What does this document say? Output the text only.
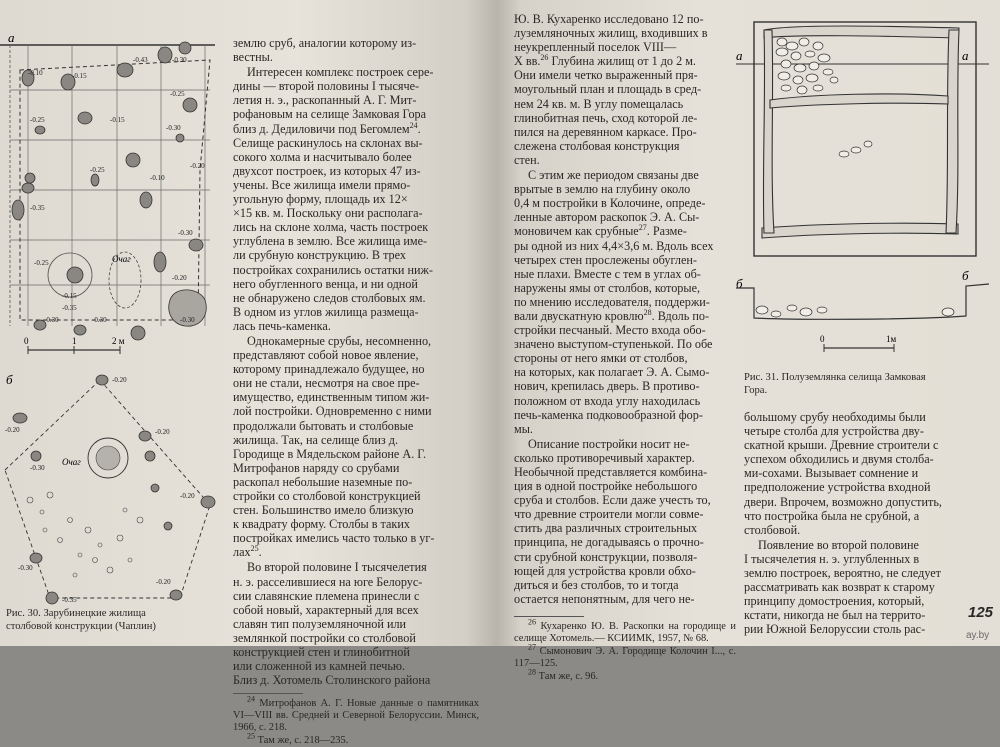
а
Очаг
-0.10	-0.15
-0.43	-0.30
-0.25	-0.15
-0.25
-0.30
-0.35
-0.25
-0.30
-0.20
-0.30
-0.15
-0.35
-0.30	-0.30
-0.25
-0.10
-0.20
0	1	2 м
б
Очаг
-0.20
-0.20
-0.30
-0.20
-0.20
-0.30
-0.35
-0.20
Рис. 30. Зарубинецкие жилища
столбовой конструкции (Чаплин)

землю сруб, аналогии которому из-
вестны.

Интересен комплекс построек сере-
дины — второй половины I тысяче-
летия н. э., раскопанный А. Г. Мит-
рофановым на селище Замковая Гора
близ д. Дедиловичи под Бегомлем$^{24}$.
Селище раскинулось на склонах вы-
сокого холма и насчитывало более
двухсот построек, из которых 47 из-
учены. Все жилища имели прямо-
угольную форму, площадь их 12×
×15 кв. м. Поскольку они располага-
лись на склоне холма, часть построек
углублена в землю. Все жилища име-
ли срубную конструкцию. В трех
постройках сохранились остатки ниж-
него обугленного венца, и ни одной
не обнаружено следов столбовых ям.
В одном из углов жилища размеща-
лась печь-каменка.

Однокамерные срубы, несомненно,
представляют собой новое явление,
которому принадлежало будущее, но
они не стали, несмотря на свое пре-
имущество, единственным типом жи-
лой постройки. Одновременно с ними
продолжали бытовать и столбовые
жилища. Так, на селище близ д.
Городище в Мядельском районе А. Г.
Митрофанов наряду со срубами
раскопал небольшие наземные по-
стройки со столбовой конструкцией
стен. Большинство имело близкую
к квадрату форму. Столбы в таких
постройках имелись часто только в уг-
лах$^{25}$.

Во второй половине I тысячелетия
н. э. расселившиеся на юге Белорус-
сии славянские племена принесли с
собой новый, характерный для всех
славян тип полуземляночной или
землянкой постройки со столбовой
конструкцией стен и глинобитной
или сложенной из камней печью.
Близ д. Хотомель Столинского района

$^{24}$ Митрофанов А. Г. Новые данные о памятниках VI—VIII вв. Средней и Северной Белоруссии. Минск, 1966, с. 218.

$^{25}$ Там же, с. 218—235.

Ю. В. Кухаренко исследовано 12 по-
луземляночных жилищ, входивших в
неукрепленный поселок VIII—
X вв.$^{26}$ Глубина жилищ от 1 до 2 м.
Они имели четко выраженный пря-
моугольный план и площадь в сред-
нем 24 кв. м. В углу помещалась
глинобитная печь, сход которой ле-
пился на деревянном каркасе. Про-
слежена столбовая конструкция
стен.

С этим же периодом связаны две
врытые в землю на глубину около
0,4 м постройки в Колочине, опреде-
ленные автором раскопок Э. А. Сы-
моновичем как срубные$^{27}$. Разме-
ры одной из них 4,4×3,6 м. Вдоль всех
четырех стен прослежены обуглен-
ные плахи. Вместе с тем в углах об-
наружены ямы от столбов, которые,
по мнению исследователя, поддержи-
вали двускатную кровлю$^{28}$. Вдоль по-
стройки песчаный. Место входа обо-
значено выступом-ступенькой. По обе
стороны от него ямки от столбов,
на которых, как полагает Э. А. Сымо-
нович, крепилась дверь. В противо-
положном от входа углу находилась
печь-каменка подковообразной фор-
мы.

Описание постройки носит не-
сколько противоречивый характер.
Необычной представляется комбина-
ция в одной постройке небольшого
сруба и столбов. Если даже учесть то,
что древние строители могли совме-
стить два различных строительных
принципа, не догадываясь о прочно-
сти срубной конструкции, позволя-
ющей для устройства кровли обхо-
диться и без столбов, то и тогда
остается непонятным, для чего не-

$^{26}$ Кухаренко Ю. В. Раскопки на городище и селище Хотомель.— КСИИМК, 1957, № 68.

$^{27}$ Сымонович Э. А. Городище Колочин I..., с. 117—125.

$^{28}$ Там же, с. 96.

а	а
б
б
0	1м
Рис. 31. Полуземлянка селища Замковая
Гора.

большому срубу необходимы были
четыре столба для устройства дву-
скатной крыши. Древние строители с
успехом обходились и двумя столба-
ми-сохами. Вызывает сомнение и
предположение устройства входной
двери. Впрочем, возможно допустить,
что постройка была не срубной, а
столбовой.

Появление во второй половине
I тысячелетия н. э. углубленных в
землю построек, вероятно, не следует
рассматривать как возврат к старому
принципу домостроения, который,
кстати, никогда не был на террито-
рии Южной Белоруссии столь рас-

125
ay.by
